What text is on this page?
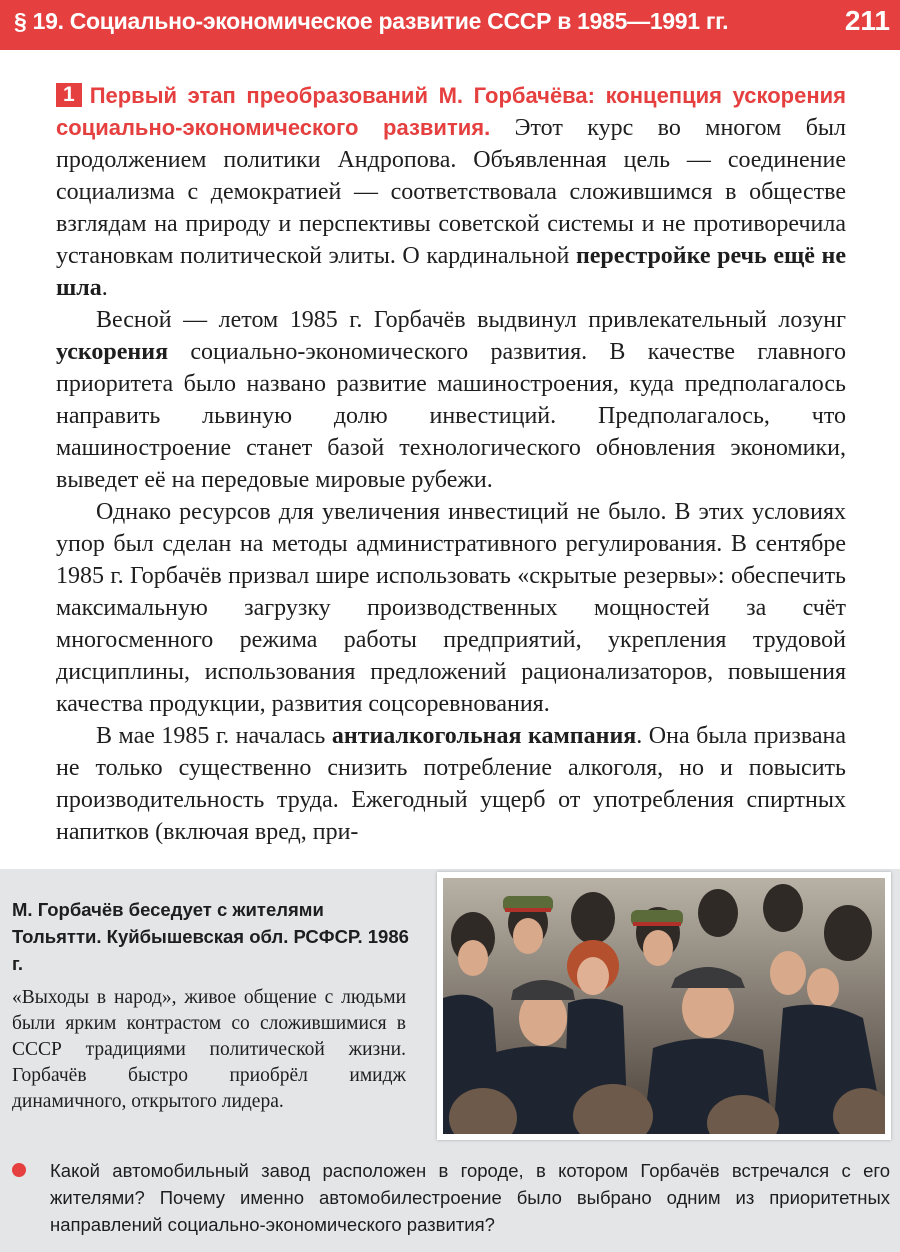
§ 19. Социально-экономическое развитие СССР в 1985—1991 гг.	211

1 Первый этап преобразований М. Горбачёва: концепция ускорения социально-экономического развития. Этот курс во многом был продолжением политики Андропова. Объявленная цель — соединение социализма с демократией — соответствовала сложившимся в обществе взглядам на природу и перспективы советской системы и не противоречила установкам политической элиты. О кардинальной перестройке речь ещё не шла.

Весной — летом 1985 г. Горбачёв выдвинул привлекательный лозунг ускорения социально-экономического развития. В качестве главного приоритета было названо развитие машиностроения, куда предполагалось направить львиную долю инвестиций. Предполагалось, что машиностроение станет базой технологического обновления экономики, выведет её на передовые мировые рубежи.

Однако ресурсов для увеличения инвестиций не было. В этих условиях упор был сделан на методы административного регулирования. В сентябре 1985 г. Горбачёв призвал шире использовать «скрытые резервы»: обеспечить максимальную загрузку производственных мощностей за счёт многосменного режима работы предприятий, укрепления трудовой дисциплины, использования предложений рационализаторов, повышения качества продукции, развития соцсоревнования.

В мае 1985 г. началась антиалкогольная кампания. Она была призвана не только существенно снизить потребление алкоголя, но и повысить производительность труда. Ежегодный ущерб от употребления спиртных напитков (включая вред, при-

М. Горбачёв беседует с жителями Тольятти. Куйбышевская обл. РСФСР. 1986 г.
«Выходы в народ», живое общение с людьми были ярким контрастом со сложившимися в СССР традициями политической жизни. Горбачёв быстро приобрёл имидж динамичного, открытого лидера.
Какой автомобильный завод расположен в городе, в котором Горбачёв встречался с его жителями? Почему именно автомобилестроение было выбрано одним из приоритетных направлений социально-экономического развития?
